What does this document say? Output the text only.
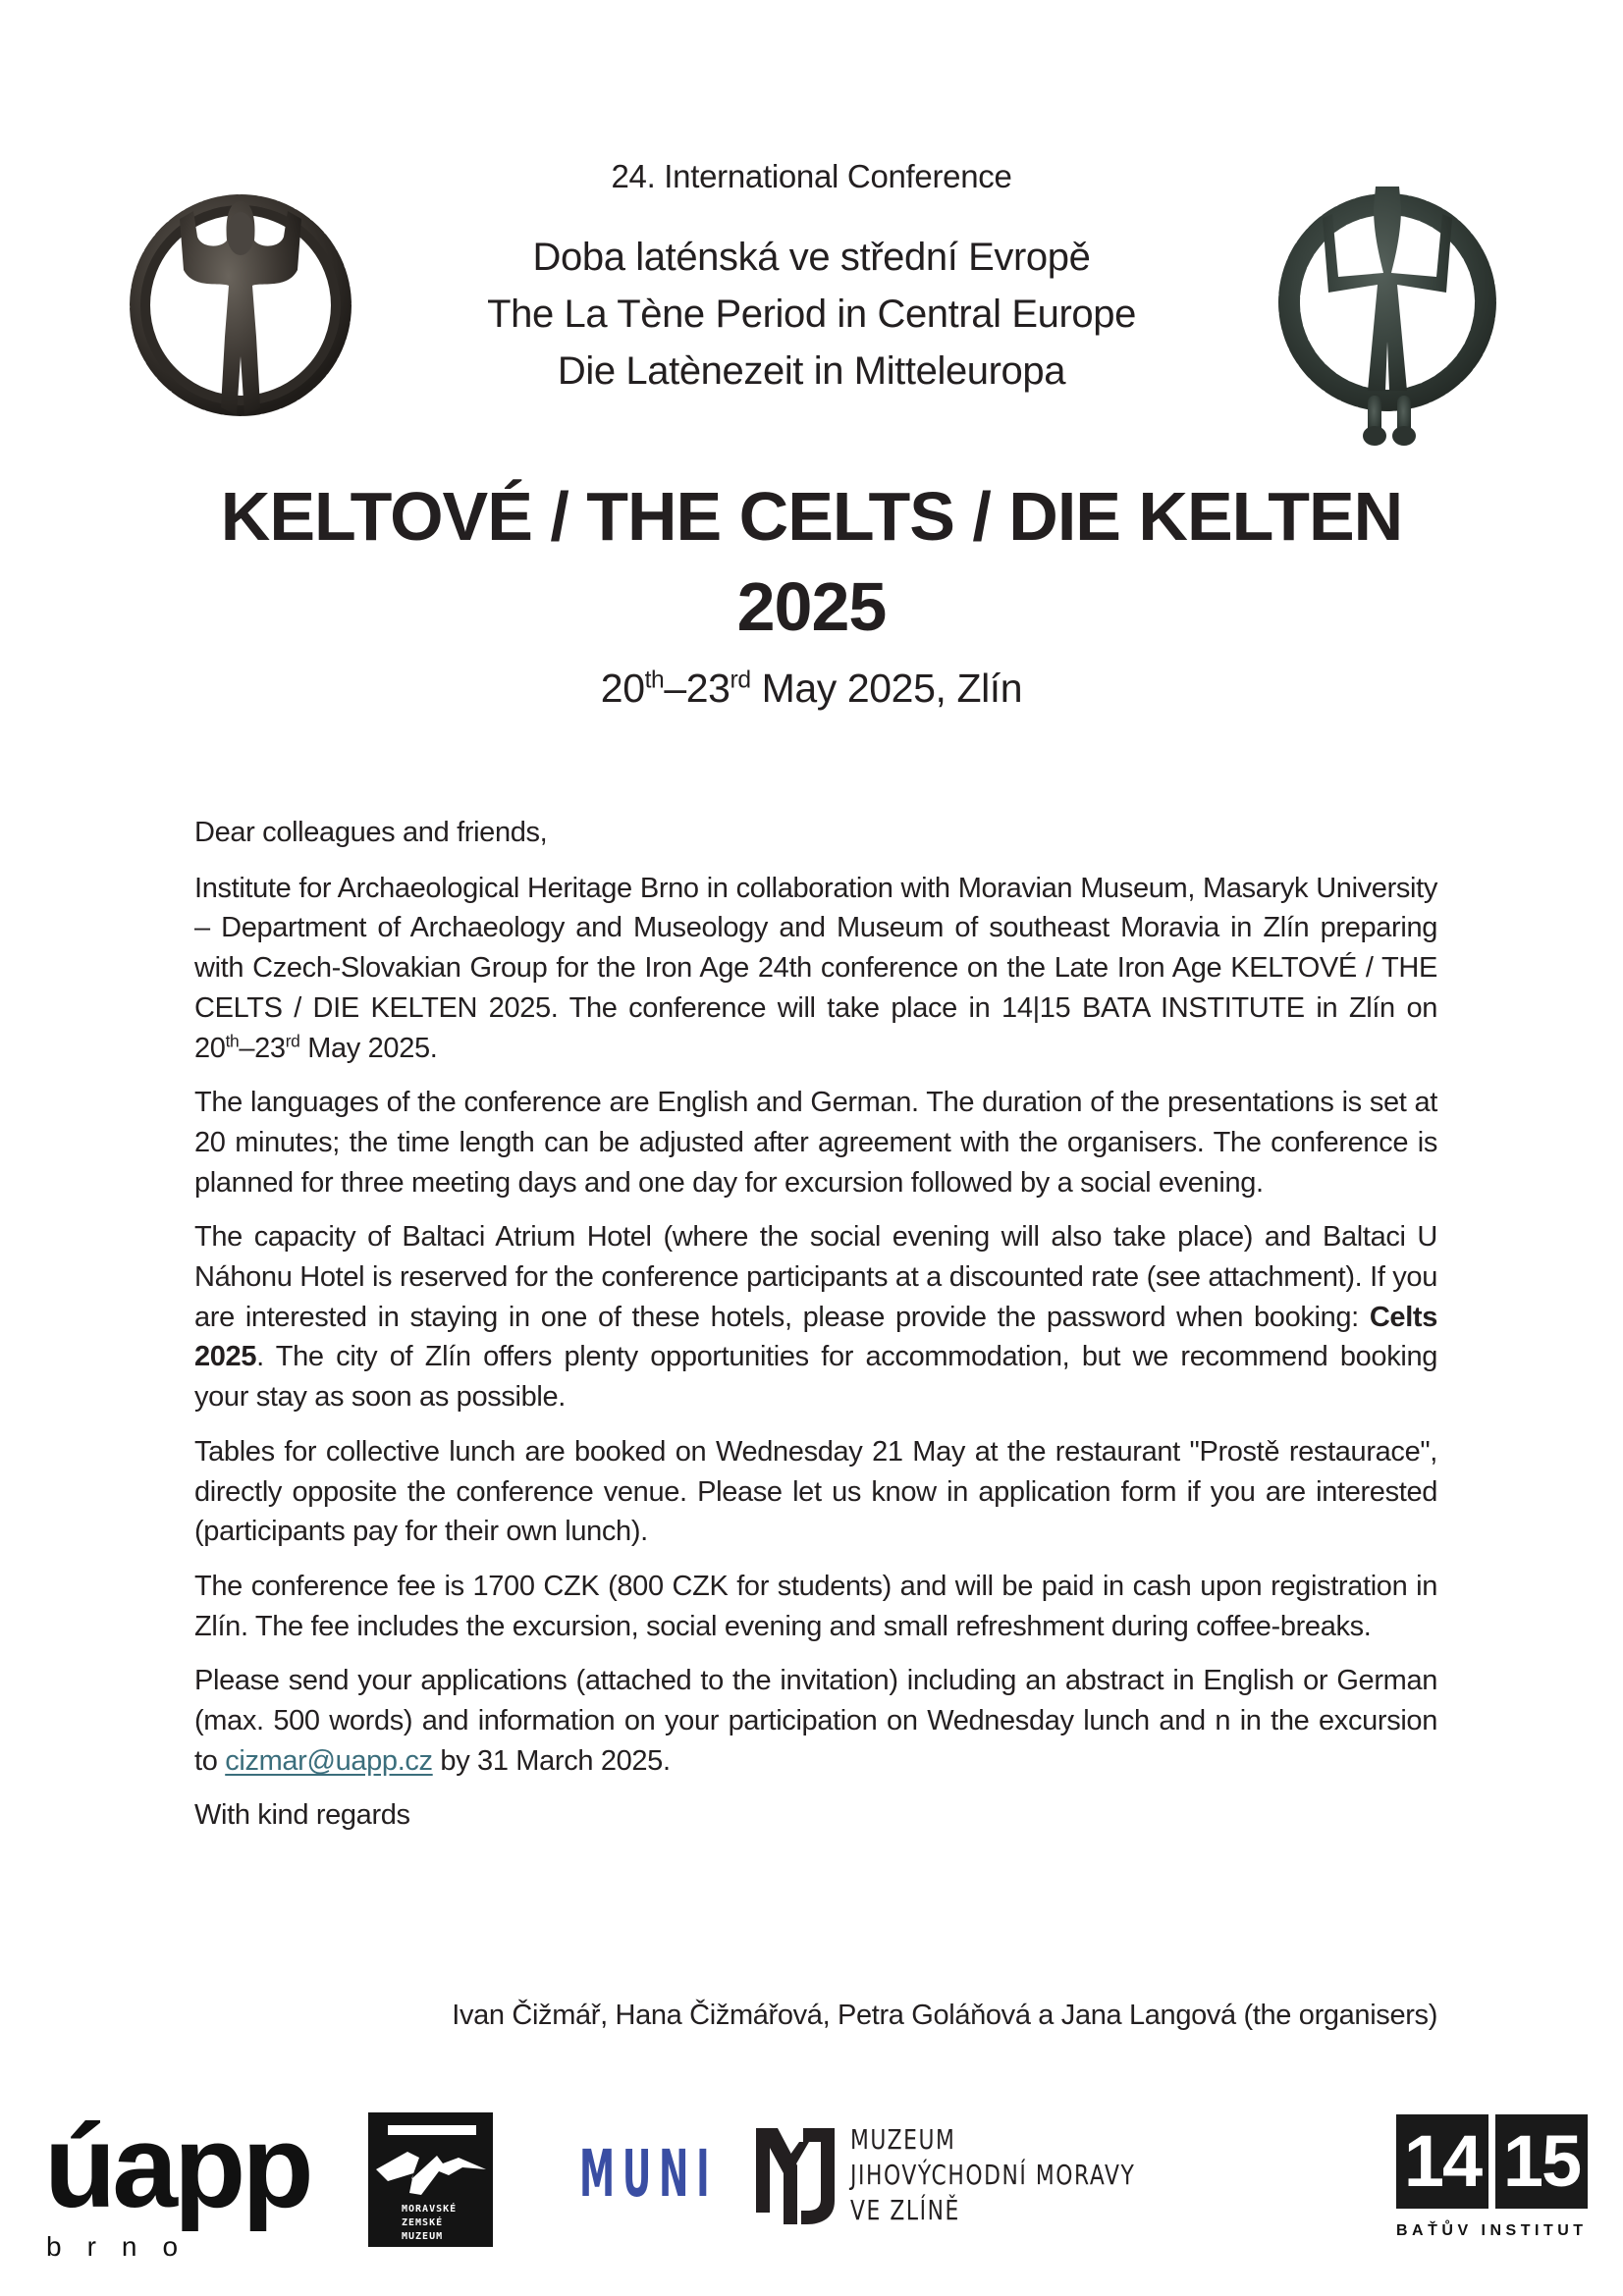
24. International Conference
Doba laténská ve střední Evropě
The La Tène Period in Central Europe
Die Latènezeit in Mitteleuropa
KELTOVÉ / THE CELTS / DIE KELTEN
2025
20th–23rd May 2025, Zlín

Dear colleagues and friends,

Institute for Archaeological Heritage Brno in collaboration with Moravian Museum, Masaryk University – Department of Archaeology and Museology and Museum of southeast Moravia in Zlín preparing with Czech-Slovakian Group for the Iron Age 24th conference on the Late Iron Age KELTOVÉ / THE CELTS / DIE KELTEN 2025. The conference will take place in 14|15 BATA INSTITUTE in Zlín on 20th–23rd May 2025.

The languages of the conference are English and German. The duration of the presentations is set at 20 minutes; the time length can be adjusted after agreement with the organisers. The conference is planned for three meeting days and one day for excursion followed by a social evening.

The capacity of Baltaci Atrium Hotel (where the social evening will also take place) and Baltaci U Náhonu Hotel is reserved for the conference participants at a discounted rate (see attachment). If you are interested in staying in one of these hotels, please provide the password when booking: Celts 2025. The city of Zlín offers plenty opportunities for accommodation, but we recommend booking your stay as soon as possible.

Tables for collective lunch are booked on Wednesday 21 May at the restaurant "Prostě restaurace", directly opposite the conference venue. Please let us know in application form if you are interested (participants pay for their own lunch).

The conference fee is 1700 CZK (800 CZK for students) and will be paid in cash upon registration in Zlín. The fee includes the excursion, social evening and small refreshment during coffee-breaks.

Please send your applications (attached to the invitation) including an abstract in English or German (max. 500 words) and information on your participation on Wednesday lunch and n in the excursion to cizmar@uapp.cz by 31 March 2025.

With kind regards

Ivan Čižmář, Hana Čižmářová, Petra Goláňová a Jana Langová (the organisers)
úapp
brno
MORAVSKÉ
ZEMSKÉ
MUZEUM
MUNI	MUZEUM
JIHOVÝCHODNÍ MORAVY
VE ZLÍNĚ
14 15
BAŤŮV INSTITUT
